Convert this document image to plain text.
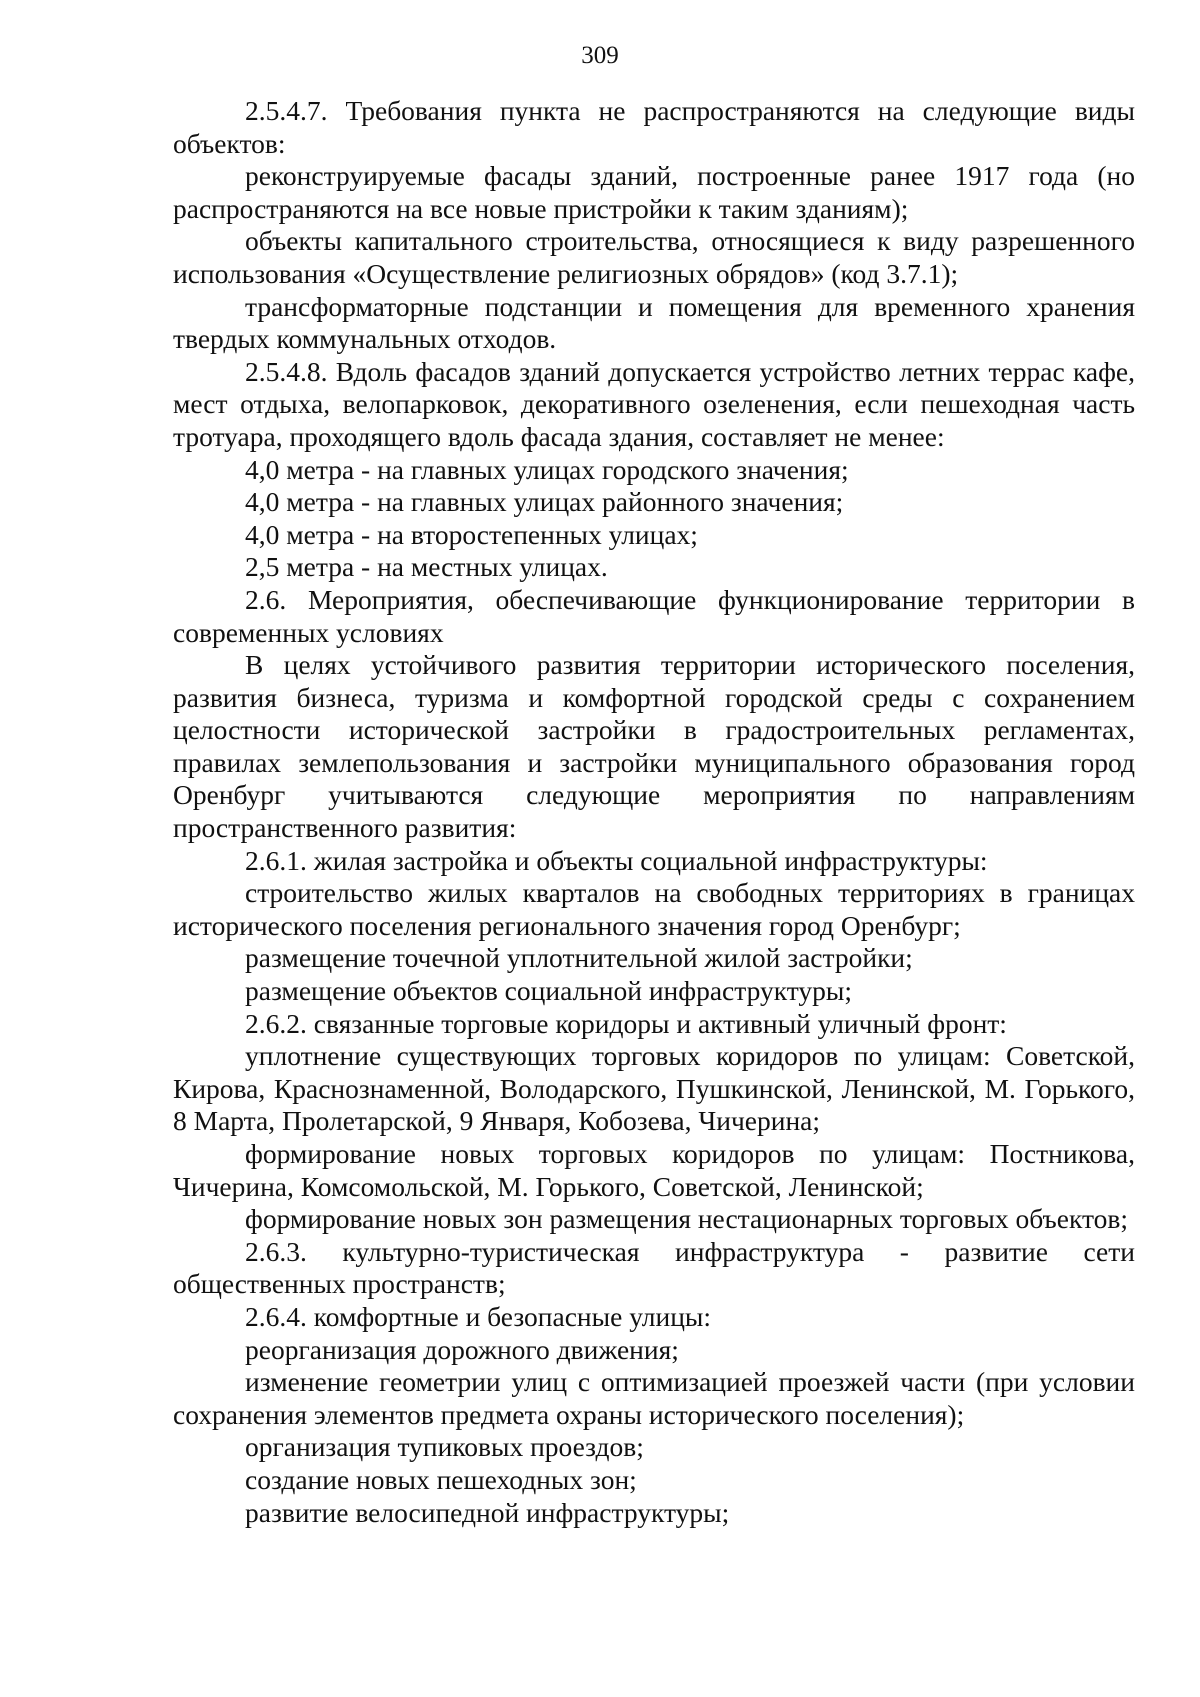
309

2.5.4.7. Требования пункта не распространяются на следующие виды объектов:

реконструируемые фасады зданий, построенные ранее 1917 года (но распространяются на все новые пристройки к таким зданиям);

объекты капитального строительства, относящиеся к виду разрешенного использования «Осуществление религиозных обрядов» (код 3.7.1);

трансформаторные подстанции и помещения для временного хранения твердых коммунальных отходов.

2.5.4.8. Вдоль фасадов зданий допускается устройство летних террас кафе, мест отдыха, велопарковок, декоративного озеленения, если пешеходная часть тротуара, проходящего вдоль фасада здания, составляет не менее:

4,0 метра - на главных улицах городского значения;

4,0 метра - на главных улицах районного значения;

4,0 метра - на второстепенных улицах;

2,5 метра - на местных улицах.

2.6. Мероприятия, обеспечивающие функционирование территории в современных условиях

В целях устойчивого развития территории исторического поселения, развития бизнеса, туризма и комфортной городской среды с сохранением целостности исторической застройки в градостроительных регламентах, правилах землепользования и застройки муниципального образования город Оренбург учитываются следующие мероприятия по направлениям пространственного развития:

2.6.1. жилая застройка и объекты социальной инфраструктуры:

строительство жилых кварталов на свободных территориях в границах исторического поселения регионального значения город Оренбург;

размещение точечной уплотнительной жилой застройки;

размещение объектов социальной инфраструктуры;

2.6.2. связанные торговые коридоры и активный уличный фронт:

уплотнение существующих торговых коридоров по улицам: Советской, Кирова, Краснознаменной, Володарского, Пушкинской, Ленинской, М. Горького, 8 Марта, Пролетарской, 9 Января, Кобозева, Чичерина;

формирование новых торговых коридоров по улицам: Постникова, Чичерина, Комсомольской, М. Горького, Советской, Ленинской;

формирование новых зон размещения нестационарных торговых объектов;

2.6.3. культурно-туристическая инфраструктура - развитие сети общественных пространств;

2.6.4. комфортные и безопасные улицы:

реорганизация дорожного движения;

изменение геометрии улиц с оптимизацией проезжей части (при условии сохранения элементов предмета охраны исторического поселения);

организация тупиковых проездов;

создание новых пешеходных зон;

развитие велосипедной инфраструктуры;
